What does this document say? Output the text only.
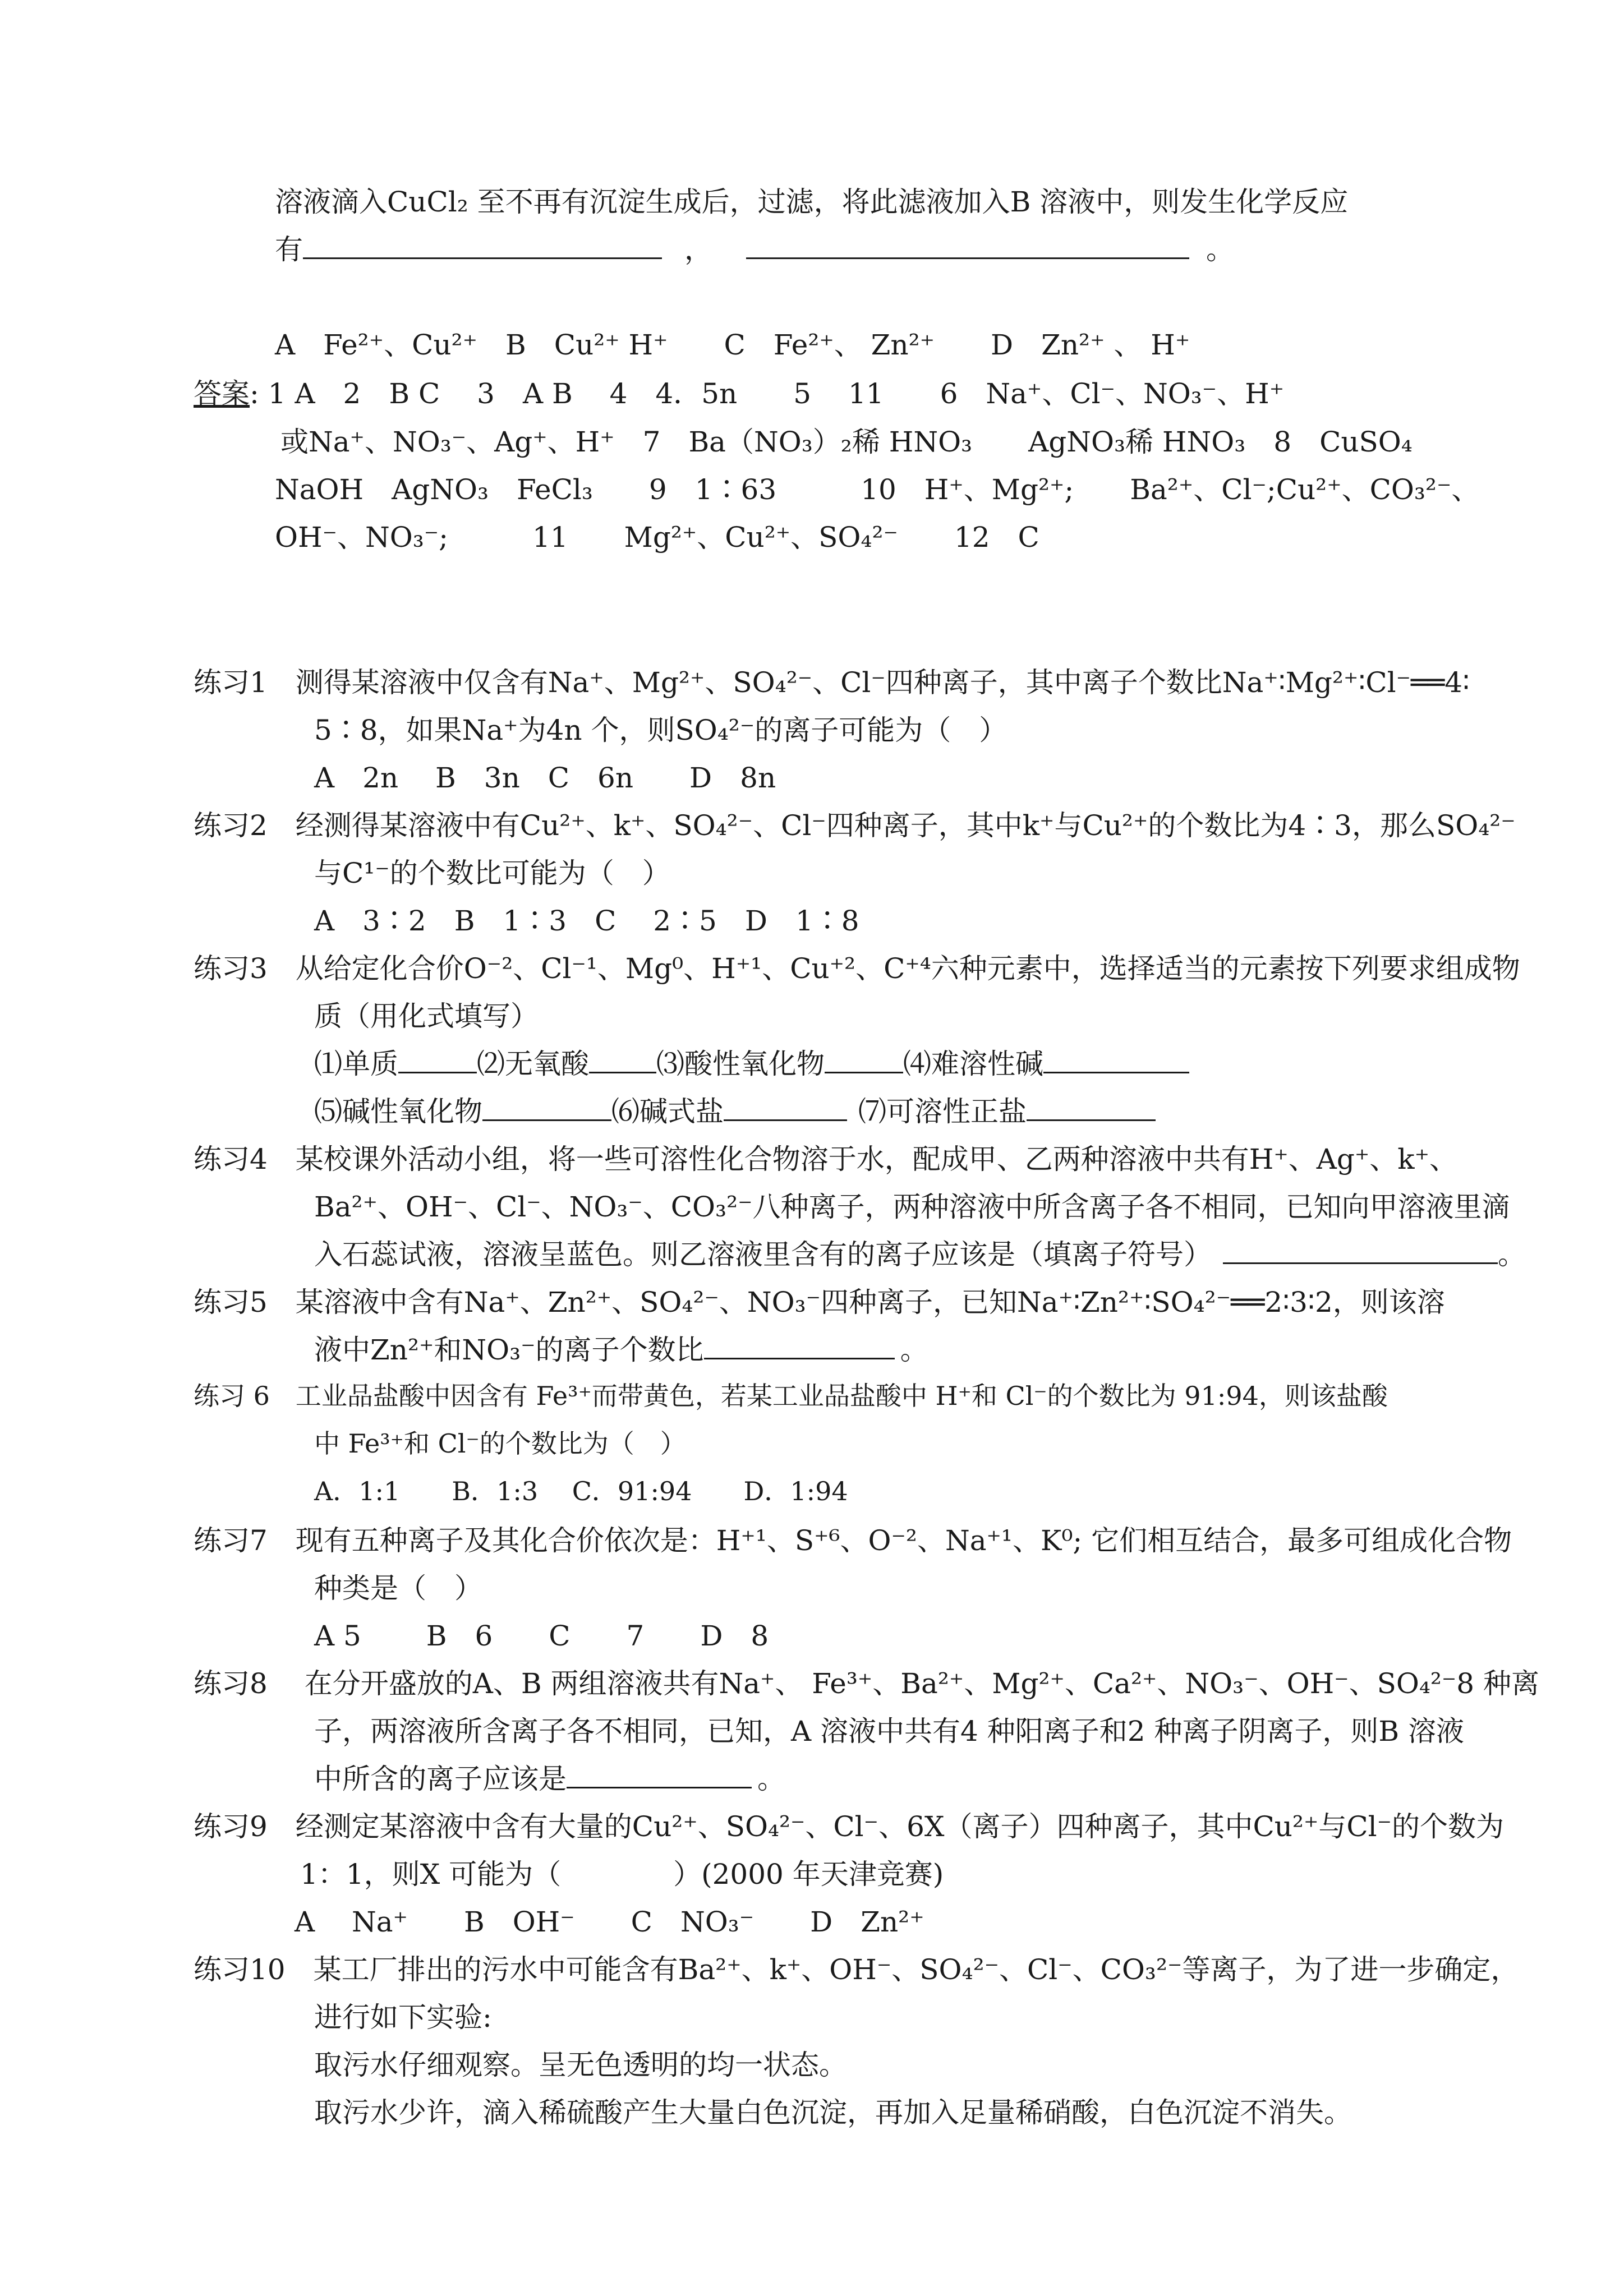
溶液滴入CuCl₂ 至不再有沉淀生成后，过滤，将此滤液加入B 溶液中，则发生化学反应
有	，	。
A　Fe²⁺、Cu²⁺　B　Cu²⁺ H⁺　　C　Fe²⁺、 Zn²⁺　　D　Zn²⁺ 、 H⁺
答案: 1 A　2　B C　 3　A B　 4　4．5n　　5　 11　　6　Na⁺、Cl⁻、NO₃⁻、H⁺
或Na⁺、NO₃⁻、Ag⁺、H⁺　7　Ba（NO₃）₂稀 HNO₃　　AgNO₃稀 HNO₃　8　CuSO₄
NaOH　AgNO₃　FeCl₃　　9　1∶63　　　10　H⁺、Mg²⁺;　　Ba²⁺、Cl⁻;Cu²⁺、CO₃²⁻、
OH⁻、NO₃⁻;　　　11　　Mg²⁺、Cu²⁺、SO₄²⁻　　12　C
练习1　测得某溶液中仅含有Na⁺、Mg²⁺、SO₄²⁻、Cl⁻四种离子，其中离子个数比Na⁺∶Mg²⁺∶Cl⁻══4∶
5∶8，如果Na⁺为4n 个，则SO₄²⁻的离子可能为（　）
A　2n　 B　3n　C　6n　　D　8n
练习2　经测得某溶液中有Cu²⁺、k⁺、SO₄²⁻、Cl⁻四种离子，其中k⁺与Cu²⁺的个数比为4∶3，那么SO₄²⁻
与C¹⁻的个数比可能为（　）
A　3∶2　B　1∶3　C　 2∶5　D　1∶8
练习3　从给定化合价O⁻²、Cl⁻¹、Mg⁰、H⁺¹、Cu⁺²、C⁺⁴六种元素中，选择适当的元素按下列要求组成物
质（用化式填写）
⑴单质	⑵无氧酸 ⑶酸性氧化物	⑷难溶性碱
⑸碱性氧化物	⑹碱式盐	⑺可溶性正盐
练习4　某校课外活动小组，将一些可溶性化合物溶于水，配成甲、乙两种溶液中共有H⁺、Ag⁺、k⁺、
Ba²⁺、OH⁻、Cl⁻、NO₃⁻、CO₃²⁻八种离子，两种溶液中所含离子各不相同，已知向甲溶液里滴
入石蕊试液，溶液呈蓝色。则乙溶液里含有的离子应该是（填离子符号）	。
练习5　某溶液中含有Na⁺、Zn²⁺、SO₄²⁻、NO₃⁻四种离子，已知Na⁺∶Zn²⁺∶SO₄²⁻══2∶3∶2，则该溶
液中Zn²⁺和NO₃⁻的离子个数比	。
练习 6　工业品盐酸中因含有 Fe³⁺而带黄色，若某工业品盐酸中 H⁺和 Cl⁻的个数比为 91:94，则该盐酸
中 Fe³⁺和 Cl⁻的个数比为（　）
A．1:1　　B．1:3　 C．91:94　　D．1:94
练习7　现有五种离子及其化合价依次是：H⁺¹、S⁺⁶、O⁻²、Na⁺¹、K⁰; 它们相互结合，最多可组成化合物
种类是（　）
A 5　　 B　6　　C　　7　　D　8
练习8　 在分开盛放的A、B 两组溶液共有Na⁺、 Fe³⁺、Ba²⁺、Mg²⁺、Ca²⁺、NO₃⁻、OH⁻、SO₄²⁻8 种离
子，两溶液所含离子各不相同，已知，A 溶液中共有4 种阳离子和2 种离子阴离子，则B 溶液
中所含的离子应该是	。
练习9　经测定某溶液中含有大量的Cu²⁺、SO₄²⁻、Cl⁻、6X（离子）四种离子，其中Cu²⁺与Cl⁻的个数为
1：1，则X 可能为（　　　　）(2000 年天津竞赛)
A　 Na⁺　　B　OH⁻　　C　NO₃⁻　　D　Zn²⁺
练习10　某工厂排出的污水中可能含有Ba²⁺、k⁺、OH⁻、SO₄²⁻、Cl⁻、CO₃²⁻等离子，为了进一步确定，
进行如下实验:
取污水仔细观察。呈无色透明的均一状态。
取污水少许，滴入稀硫酸产生大量白色沉淀，再加入足量稀硝酸，白色沉淀不消失。
